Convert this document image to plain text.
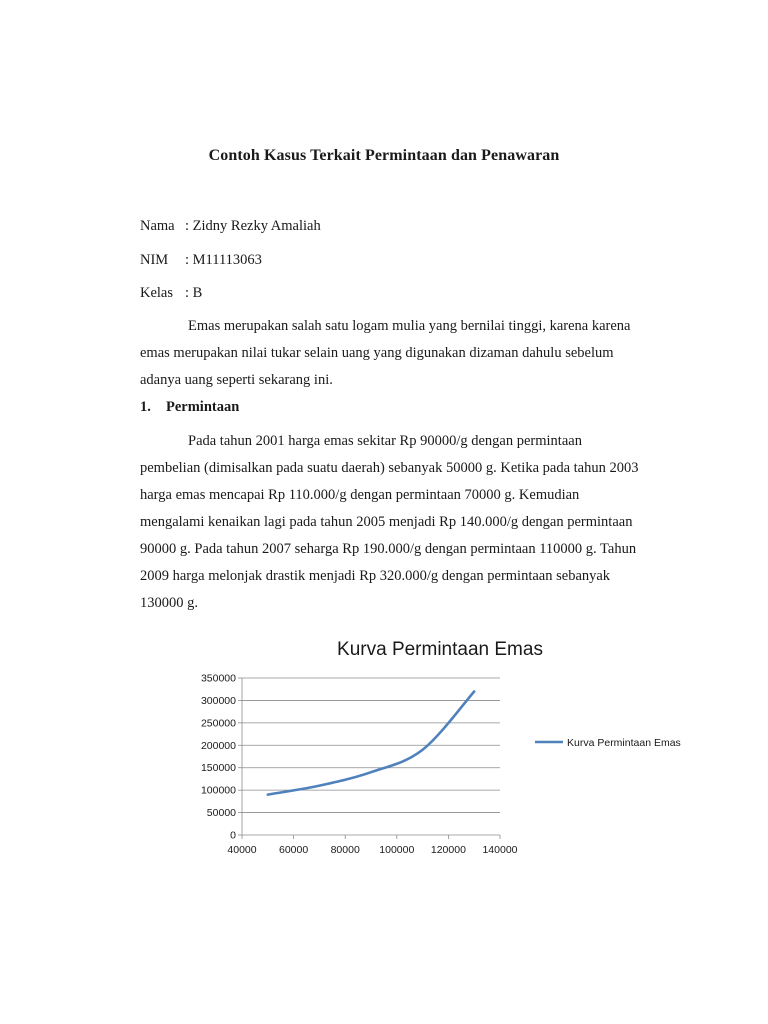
Contoh Kasus Terkait Permintaan dan Penawaran
Nama : Zidny Rezky Amaliah
NIM : M11113063
Kelas : B
Emas merupakan salah satu logam mulia yang bernilai tinggi, karena karena
emas merupakan nilai tukar selain uang yang digunakan dizaman dahulu sebelum
adanya uang seperti sekarang ini.
1. Permintaan
Pada tahun 2001 harga emas sekitar Rp 90000/g dengan permintaan
pembelian (dimisalkan pada suatu daerah) sebanyak 50000 g. Ketika pada tahun 2003
harga emas mencapai Rp 110.000/g dengan permintaan 70000 g. Kemudian
mengalami kenaikan lagi pada tahun 2005 menjadi Rp 140.000/g dengan permintaan
90000 g. Pada tahun 2007 seharga Rp 190.000/g dengan permintaan 110000 g. Tahun
2009 harga melonjak drastik menjadi Rp 320.000/g dengan permintaan sebanyak
130000 g.
Kurva Permintaan Emas
0
50000
100000
150000
200000
250000
300000
350000
40000 60000 80000 100000 120000 140000
Kurva Permintaan Emas
